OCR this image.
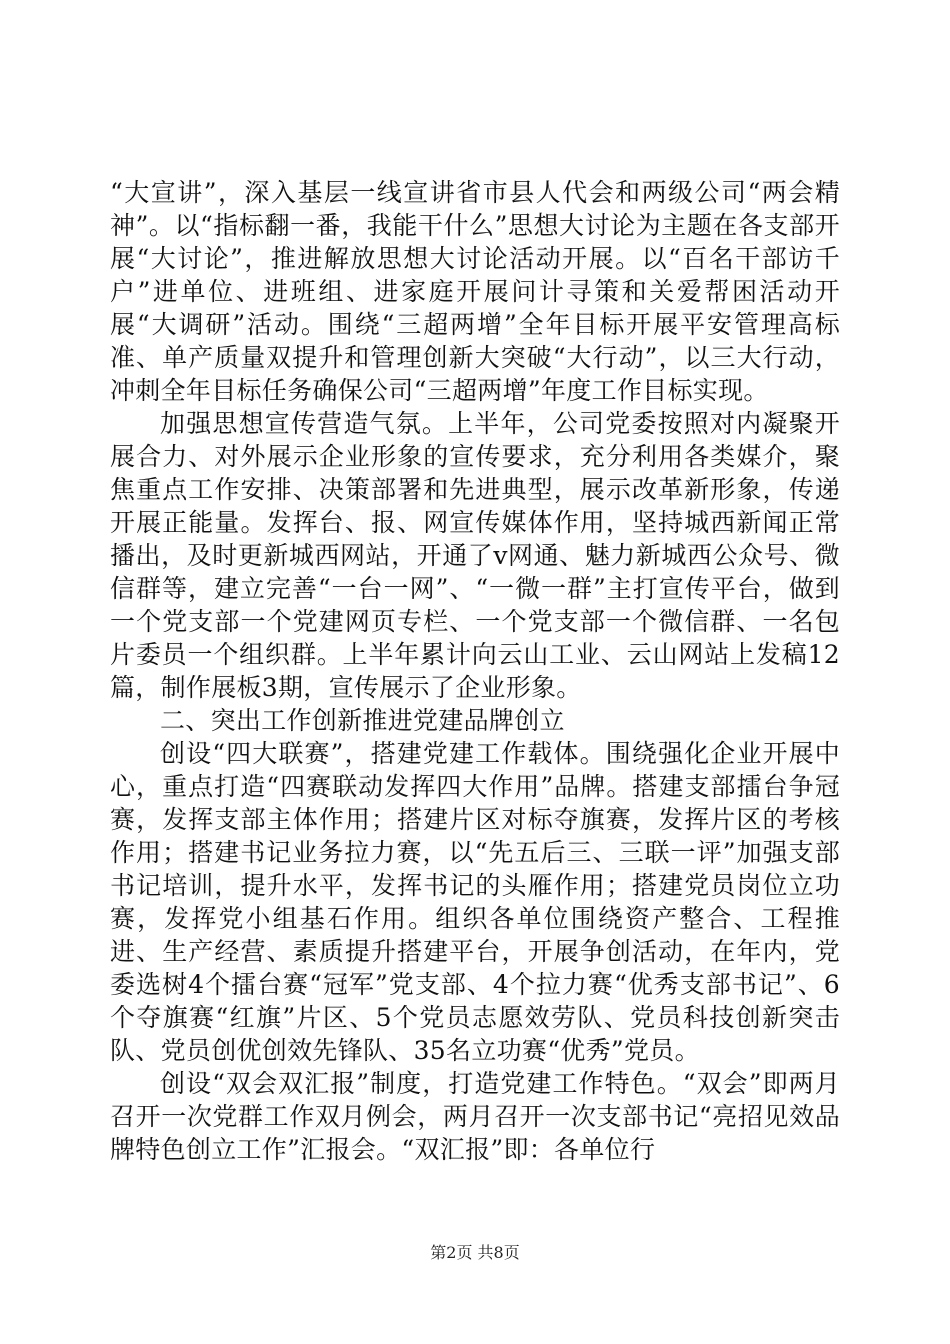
“大宣讲”，深入基层一线宣讲省市县人代会和两级公司“两会精神”。以“指标翻一番，我能干什么”思想大讨论为主题在各支部开展“大讨论”，推进解放思想大讨论活动开展。以“百名干部访千户”进单位、进班组、进家庭开展问计寻策和关爱帮困活动开展“大调研”活动。围绕“三超两增”全年目标开展平安管理高标准、单产质量双提升和管理创新大突破“大行动”，以三大行动，冲刺全年目标任务确保公司“三超两增”年度工作目标实现。

加强思想宣传营造气氛。上半年，公司党委按照对内凝聚开展合力、对外展示企业形象的宣传要求，充分利用各类媒介，聚焦重点工作安排、决策部署和先进典型，展示改革新形象，传递开展正能量。发挥台、报、网宣传媒体作用，坚持城西新闻正常播出，及时更新城西网站，开通了v网通、魅力新城西公众号、微信群等，建立完善“一台一网”、“一微一群”主打宣传平台，做到一个党支部一个党建网页专栏、一个党支部一个微信群、一名包片委员一个组织群。上半年累计向云山工业、云山网站上发稿12篇，制作展板3期，宣传展示了企业形象。

二、突出工作创新推进党建品牌创立

创设“四大联赛”，搭建党建工作载体。围绕强化企业开展中心，重点打造“四赛联动发挥四大作用”品牌。搭建支部擂台争冠赛，发挥支部主体作用；搭建片区对标夺旗赛，发挥片区的考核作用；搭建书记业务拉力赛，以“先五后三、三联一评”加强支部书记培训，提升水平，发挥书记的头雁作用；搭建党员岗位立功赛，发挥党小组基石作用。组织各单位围绕资产整合、工程推进、生产经营、素质提升搭建平台，开展争创活动，在年内，党委选树4个擂台赛“冠军”党支部、4个拉力赛“优秀支部书记”、6个夺旗赛“红旗”片区、5个党员志愿效劳队、党员科技创新突击队、党员创优创效先锋队、35名立功赛“优秀”党员。

创设“双会双汇报”制度，打造党建工作特色。“双会”即两月召开一次党群工作双月例会，两月召开一次支部书记“亮招见效品牌特色创立工作”汇报会。“双汇报”即：各单位行

第2页 共8页
